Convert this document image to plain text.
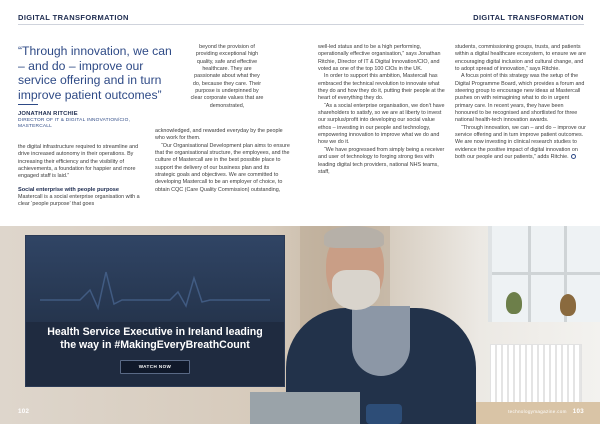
DIGITAL TRANSFORMATION
“Through innovation, we can – and do – improve our service offering and in turn improve patient outcomes”
JONATHAN RITCHIE
DIRECTOR OF IT & DIGITAL INNOVATION/CIO, MASTERCALL

the digital infrastructure required to streamline and drive increased autonomy in their operations. By increasing their efficiency and the visibility of achievements, a foundation for happier and more engaged staff is laid.”

Social enterprise with people purpose

Mastercall is a social enterprise organisation with a clear ‘people purpose’ that goes

beyond the provision of providing exceptional high quality, safe and effective healthcare. They are passionate about what they do, because they care. Their purpose is underpinned by clear corporate values that are demonstrated,

acknowledged, and rewarded everyday by the people who work for them.

“Our Organisational Development plan aims to ensure that the organisational structure, the employees, and the culture of Mastercall are in the best possible place to support the delivery of our business plan and its strategic goals and objectives. We are committed to developing Mastercall to be an employer of choice, to obtain CQC (Care Quality Commission) outstanding,

DIGITAL TRANSFORMATION

well-led status and to be a high performing, operationally effective organisation,” says Jonathan Ritchie, Director of IT & Digital Innovation/CIO, and voted as one of the top 100 CIOs in the UK.

In order to support this ambition, Mastercall has embraced the technical revolution to innovate what they do and how they do it, putting their people at the heart of everything they do.

“As a social enterprise organisation, we don’t have shareholders to satisfy, so we are at liberty to invest our surplus/profit into developing our social value ethos – investing in our people and technology, empowering innovation to improve what we do and how we do it.

“We have progressed from simply being a receiver and user of technology to forging strong ties with leading digital tech providers, national NHS teams, staff,

students, commissioning groups, trusts, and patients within a digital healthcare ecosystem, to ensure we are encouraging digital inclusion and cultural change, and to adopt spread of innovation,” says Ritchie.

A focus point of this strategy was the setup of the Digital Programme Board, which provides a forum and steering group to encourage new ideas at Mastercall pushes on with reimagining what to do in urgent primary care. In recent years, they have been honoured to be recognised and shortlisted for three national health-tech innovation awards.

“Through innovation, we can – and do – improve our service offering and in turn improve patient outcomes. We are now investing in clinical research studies to evidence the positive impact of digital innovation on both our people and our patients,” adds Ritchie.

Health Service Executive in Ireland leading the way in #MakingEveryBreathCount
WATCH NOW
102	technologymagazine.com 103
